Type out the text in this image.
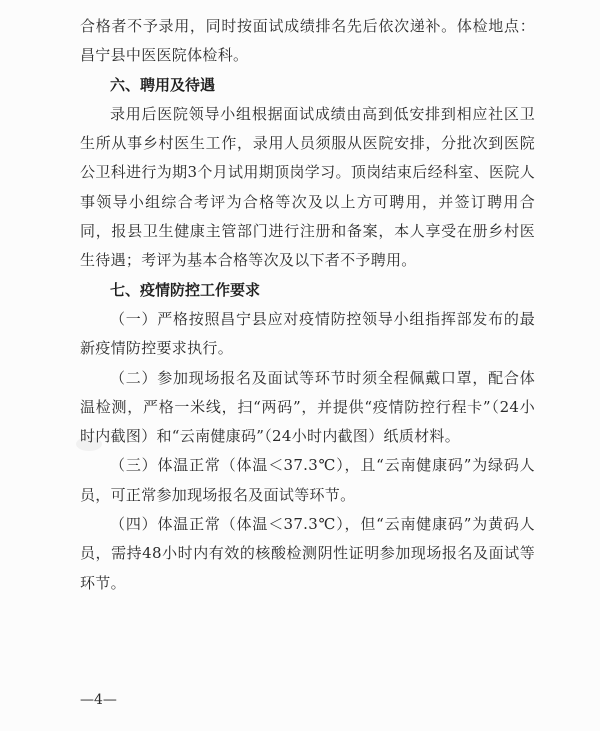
合格者不予录用，同时按面试成绩排名先后依次递补。体检地点：昌宁县中医医院体检科。

六、聘用及待遇

录用后医院领导小组根据面试成绩由高到低安排到相应社区卫生所从事乡村医生工作，录用人员须服从医院安排，分批次到医院公卫科进行为期3个月试用期顶岗学习。顶岗结束后经科室、医院人事领导小组综合考评为合格等次及以上方可聘用，并签订聘用合同，报县卫生健康主管部门进行注册和备案，本人享受在册乡村医生待遇；考评为基本合格等次及以下者不予聘用。

七、疫情防控工作要求

（一）严格按照昌宁县应对疫情防控领导小组指挥部发布的最新疫情防控要求执行。

（二）参加现场报名及面试等环节时须全程佩戴口罩，配合体温检测，严格一米线，扫“两码”，并提供“疫情防控行程卡”（24小时内截图）和“云南健康码”（24小时内截图）纸质材料。

（三）体温正常（体温＜37.3℃），且“云南健康码”为绿码人员，可正常参加现场报名及面试等环节。

（四）体温正常（体温＜37.3℃），但“云南健康码”为黄码人员，需持48小时内有效的核酸检测阴性证明参加现场报名及面试等环节。

—4—
